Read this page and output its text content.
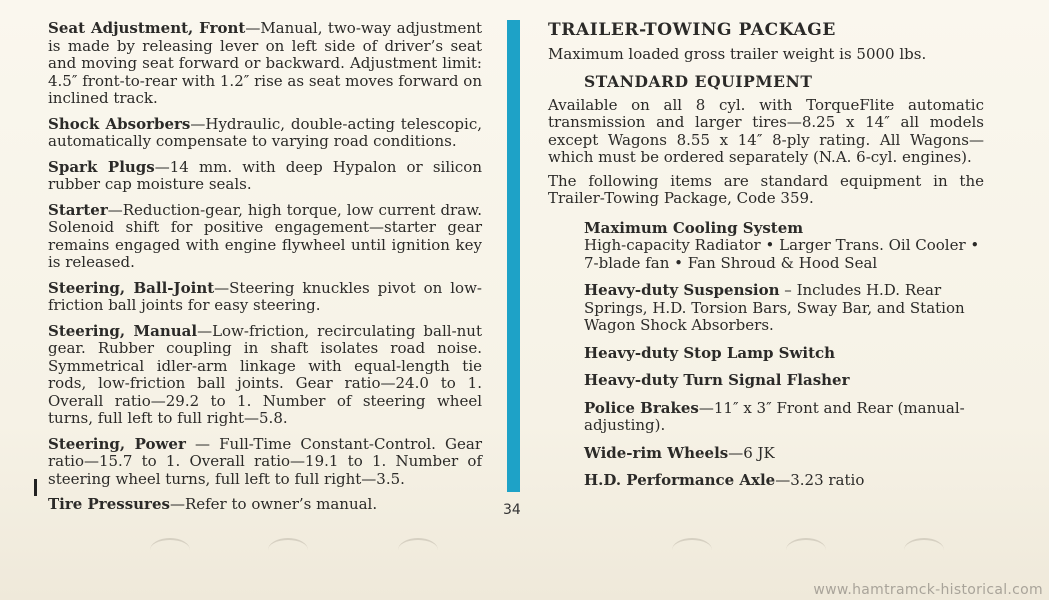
Seat Adjustment, Front—Manual, two-way adjustment is made by releasing lever on left side of driver’s seat and moving seat forward or backward. Adjustment limit: 4.5″ front-to-rear with 1.2″ rise as seat moves forward on inclined track.

Shock Absorbers—Hydraulic, double-acting telescopic, automatically compensate to varying road conditions.

Spark Plugs—14 mm. with deep Hypalon or silicon rubber cap moisture seals.

Starter—Reduction-gear, high torque, low current draw. Solenoid shift for positive engagement—starter gear remains engaged with engine flywheel until ignition key is released.

Steering, Ball-Joint—Steering knuckles pivot on low-friction ball joints for easy steering.

Steering, Manual—Low-friction, recirculating ball-nut gear. Rubber coupling in shaft isolates road noise. Symmetrical idler-arm linkage with equal-length tie rods, low-friction ball joints. Gear ratio—24.0 to 1. Overall ratio—29.2 to 1. Number of steering wheel turns, full left to full right—5.8.

Steering, Power — Full-Time Constant-Control. Gear ratio—15.7 to 1. Overall ratio—19.1 to 1. Number of steering wheel turns, full left to full right—3.5.

Tire Pressures—Refer to owner’s manual.	34
TRAILER-TOWING PACKAGE

Maximum loaded gross trailer weight is 5000 lbs.

STANDARD EQUIPMENT

Available on all 8 cyl. with TorqueFlite automatic transmission and larger tires—8.25 x 14″ all models except Wagons 8.55 x 14″ 8-ply rating. All Wagons—which must be ordered separately (N.A. 6-cyl. engines).

The following items are standard equipment in the Trailer-Towing Package, Code 359.

Maximum Cooling System
High-capacity Radiator • Larger Trans. Oil Cooler • 7-blade fan • Fan Shroud & Hood Seal
Heavy-duty Suspension – Includes H.D. Rear Springs, H.D. Torsion Bars, Sway Bar, and Station Wagon Shock Absorbers.
Heavy-duty Stop Lamp Switch
Heavy-duty Turn Signal Flasher
Police Brakes—11″ x 3″ Front and Rear (manual-adjusting).
Wide-rim Wheels—6 JK
H.D. Performance Axle—3.23 ratio
www.hamtramck-historical.com
